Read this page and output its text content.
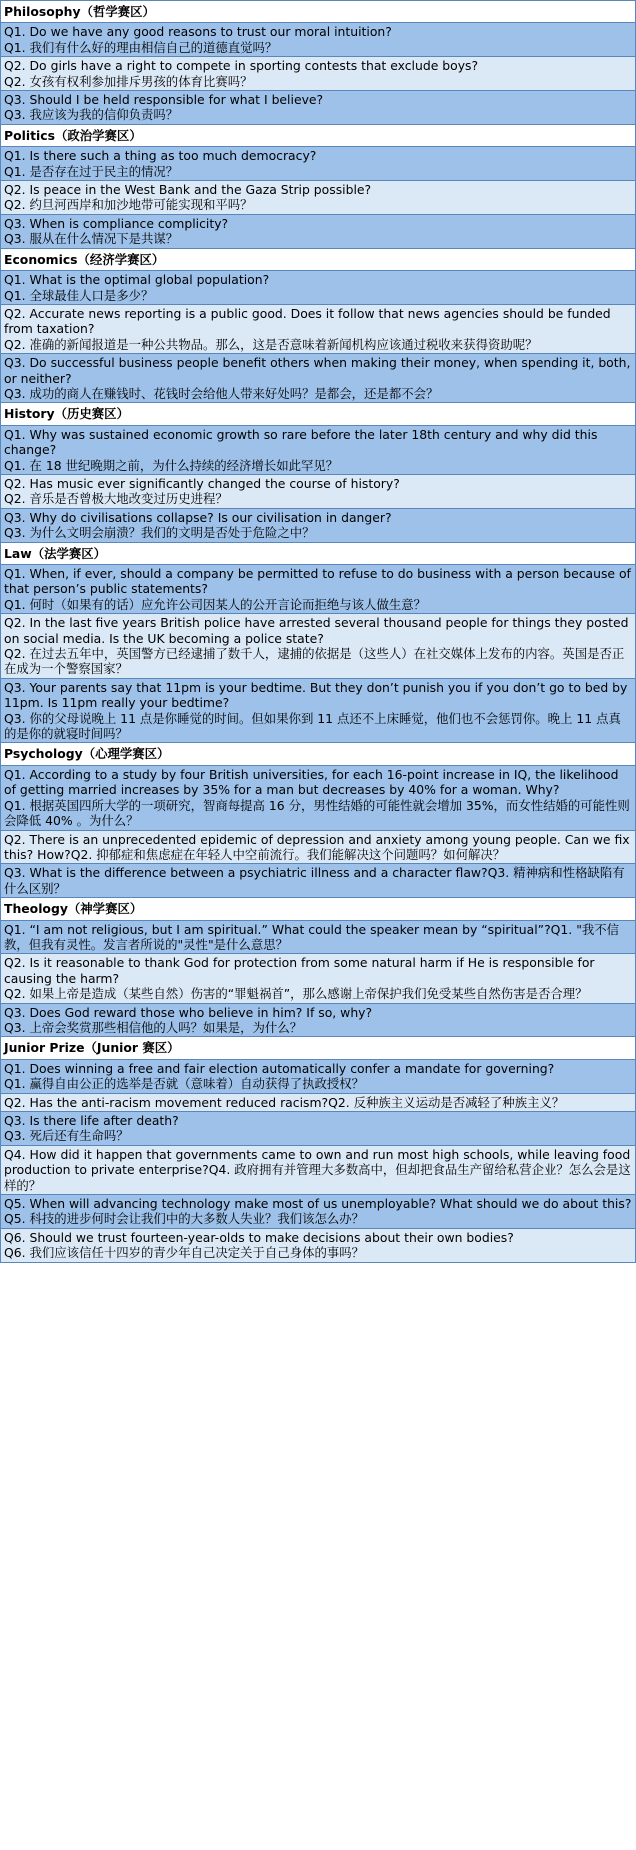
Philosophy（哲学赛区）

Q1. Do we have any good reasons to trust our moral intuition?

Q1. 我们有什么好的理由相信自己的道德直觉吗？

Q2. Do girls have a right to compete in sporting contests that exclude boys?

Q2. 女孩有权利参加排斥男孩的体育比赛吗？

Q3. Should I be held responsible for what I believe?

Q3. 我应该为我的信仰负责吗？

Politics（政治学赛区）

Q1. Is there such a thing as too much democracy?

Q1. 是否存在过于民主的情况？

Q2. Is peace in the West Bank and the Gaza Strip possible?

Q2. 约旦河西岸和加沙地带可能实现和平吗？

Q3. When is compliance complicity?

Q3. 服从在什么情况下是共谋？

Economics（经济学赛区）

Q1. What is the optimal global population?

Q1. 全球最佳人口是多少？

Q2. Accurate news reporting is a public good. Does it follow that news agencies should be funded from taxation?

Q2. 准确的新闻报道是一种公共物品。那么，这是否意味着新闻机构应该通过税收来获得资助呢？

Q3. Do successful business people benefit others when making their money, when spending it, both, or neither?

Q3. 成功的商人在赚钱时、花钱时会给他人带来好处吗？是都会，还是都不会？

History（历史赛区）

Q1. Why was sustained economic growth so rare before the later 18th century and why did this change?

Q1. 在 18 世纪晚期之前，为什么持续的经济增长如此罕见？

Q2. Has music ever significantly changed the course of history?

Q2. 音乐是否曾极大地改变过历史进程？

Q3. Why do civilisations collapse? Is our civilisation in danger?

Q3. 为什么文明会崩溃？我们的文明是否处于危险之中？

Law（法学赛区）

Q1. When, if ever, should a company be permitted to refuse to do business with a person because of that person’s public statements?

Q1. 何时（如果有的话）应允许公司因某人的公开言论而拒绝与该人做生意？

Q2. In the last five years British police have arrested several thousand people for things they posted on social media. Is the UK becoming a police state?

Q2. 在过去五年中，英国警方已经逮捕了数千人，逮捕的依据是（这些人）在社交媒体上发布的内容。英国是否正在成为一个警察国家？

Q3. Your parents say that 11pm is your bedtime. But they don’t punish you if you don’t go to bed by 11pm. Is 11pm really your bedtime?

Q3. 你的父母说晚上 11 点是你睡觉的时间。但如果你到 11 点还不上床睡觉，他们也不会惩罚你。晚上 11 点真的是你的就寝时间吗？

Psychology（心理学赛区）

Q1. According to a study by four British universities, for each 16-point increase in IQ, the likelihood of getting married increases by 35% for a man but decreases by 40% for a woman. Why?

Q1. 根据英国四所大学的一项研究，智商每提高 16 分，男性结婚的可能性就会增加 35%，而女性结婚的可能性则会降低 40% 。为什么？

Q2. There is an unprecedented epidemic of depression and anxiety among young people. Can we fix this? How?Q2. 抑郁症和焦虑症在年轻人中空前流行。我们能解决这个问题吗？如何解决？

Q3. What is the difference between a psychiatric illness and a character flaw?Q3. 精神病和性格缺陷有什么区别？

Theology（神学赛区）

Q1. “I am not religious, but I am spiritual.” What could the speaker mean by “spiritual”?Q1. "我不信教，但我有灵性。发言者所说的"灵性"是什么意思？

Q2. Is it reasonable to thank God for protection from some natural harm if He is responsible for causing the harm?

Q2. 如果上帝是造成（某些自然）伤害的“罪魁祸首”，那么感谢上帝保护我们免受某些自然伤害是否合理？

Q3. Does God reward those who believe in him? If so, why?

Q3. 上帝会奖赏那些相信他的人吗？如果是，为什么？

Junior Prize（Junior 赛区）

Q1. Does winning a free and fair election automatically confer a mandate for governing?

Q1. 赢得自由公正的选举是否就（意味着）自动获得了执政授权？

Q2. Has the anti-racism movement reduced racism?Q2. 反种族主义运动是否减轻了种族主义？

Q3. Is there life after death?

Q3. 死后还有生命吗？

Q4. How did it happen that governments came to own and run most high schools, while leaving food production to private enterprise?Q4. 政府拥有并管理大多数高中，但却把食品生产留给私营企业？怎么会是这样的？

Q5. When will advancing technology make most of us unemployable? What should we do about this?

Q5. 科技的进步何时会让我们中的大多数人失业？我们该怎么办？

Q6. Should we trust fourteen-year-olds to make decisions about their own bodies?

Q6. 我们应该信任十四岁的青少年自己决定关于自己身体的事吗？
